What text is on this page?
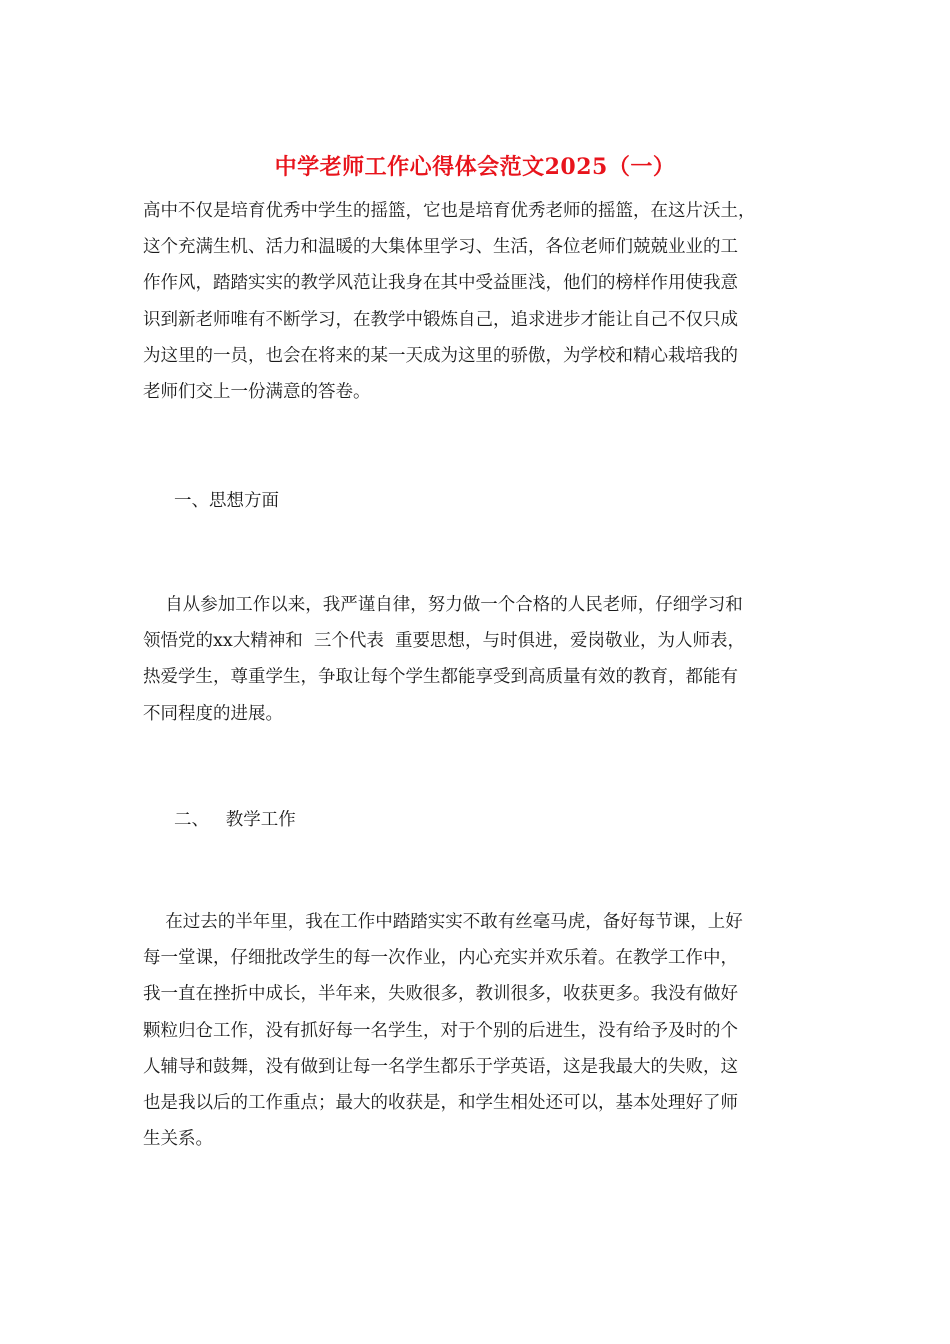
中学老师工作心得体会范文2025（一）
高中不仅是培育优秀中学生的摇篮，它也是培育优秀老师的摇篮，在这片沃土，
这个充满生机、活力和温暖的大集体里学习、生活，各位老师们兢兢业业的工
作作风，踏踏实实的教学风范让我身在其中受益匪浅，他们的榜样作用使我意
识到新老师唯有不断学习，在教学中锻炼自己，追求进步才能让自己不仅只成
为这里的一员，也会在将来的某一天成为这里的骄傲，为学校和精心栽培我的
老师们交上一份满意的答卷。
一、思想方面
自从参加工作以来，我严谨自律，努力做一个合格的人民老师，仔细学习和
领悟党的xx大精神和  三个代表  重要思想，与时俱进，爱岗敬业，为人师表，
热爱学生，尊重学生，争取让每个学生都能享受到高质量有效的教育，都能有
不同程度的进展。
二、   教学工作
在过去的半年里，我在工作中踏踏实实不敢有丝毫马虎，备好每节课，上好
每一堂课，仔细批改学生的每一次作业，内心充实并欢乐着。在教学工作中，
我一直在挫折中成长，半年来，失败很多，教训很多，收获更多。我没有做好
颗粒归仓工作，没有抓好每一名学生，对于个别的后进生，没有给予及时的个
人辅导和鼓舞，没有做到让每一名学生都乐于学英语，这是我最大的失败，这
也是我以后的工作重点；最大的收获是，和学生相处还可以，基本处理好了师
生关系。
